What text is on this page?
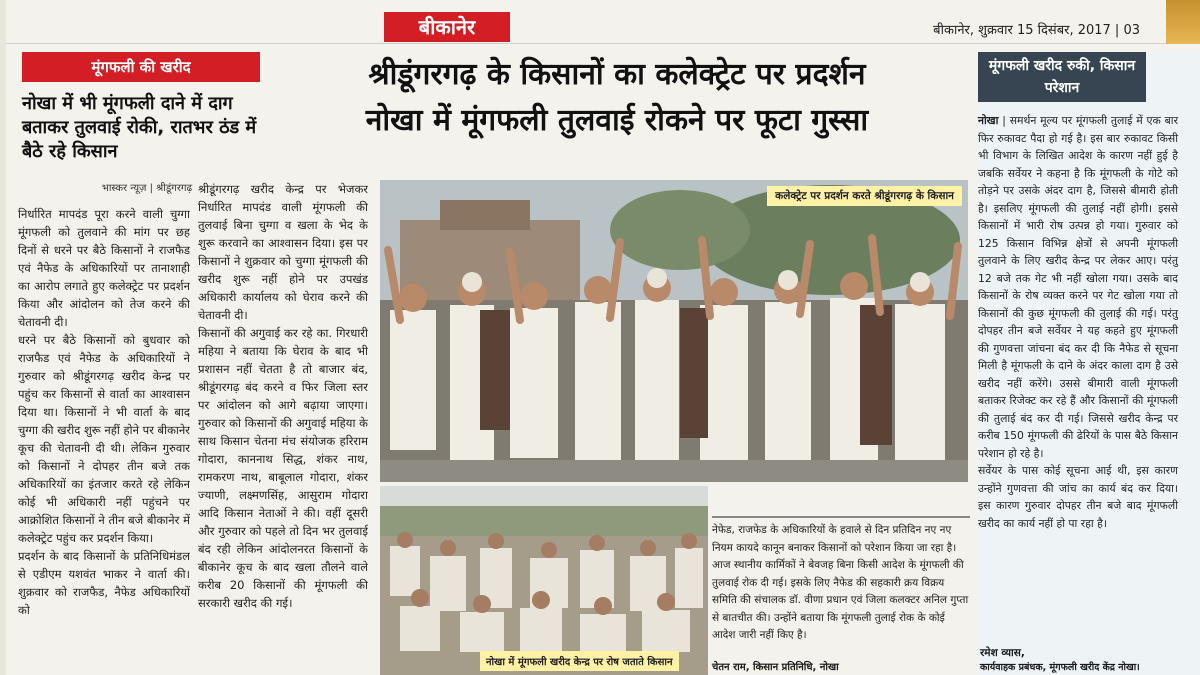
बीकानेर	बीकानेर, शुक्रवार 15 दिसंबर, 2017 | 03
मूंगफली की खरीद
नोखा में भी मूंगफली दाने में दाग बताकर तुलवाई रोकी, रातभर ठंड में बैठे रहे किसान
भास्कर न्यूज़ | श्रीडूंगरगढ़
निर्धारित मापदंड पूरा करने वाली चुग्गा मूंगफली को तुलवाने की मांग पर छह दिनों से धरने पर बैठे किसानों ने राजफैड एवं नैफेड के अधिकारियों पर तानाशाही का आरोप लगाते हुए कलेक्ट्रेट पर प्रदर्शन किया और आंदोलन को तेज करने की चेतावनी दी।
धरने पर बैठे किसानों को बुधवार को राजफैड एवं नैफेड के अधिकारियों ने गुरुवार को श्रीडूंगरगढ़ खरीद केन्द्र पर पहुंच कर किसानों से वार्ता का आश्वासन दिया था। किसानों ने भी वार्ता के बाद चुग्गा की खरीद शुरू नहीं होने पर बीकानेर कूच की चेतावनी दी थी। लेकिन गुरुवार को किसानों ने दोपहर तीन बजे तक अधिकारियों का इंतजार करते रहे लेकिन कोई भी अधिकारी नहीं पहुंचने पर आक्रोशित किसानों ने तीन बजे बीकानेर में कलेक्ट्रेट पहुंच कर प्रदर्शन किया।
प्रदर्शन के बाद किसानों के प्रतिनिधिमंडल से एडीएम यशवंत भाकर ने वार्ता की। शुक्रवार को राजफैड, नैफेड अधिकारियों को
श्रीडूंगरगढ़ खरीद केन्द्र पर भेजकर निर्धारित मापदंड वाली मूंगफली की तुलवाई बिना चुग्गा व खला के भेद के शुरू करवाने का आश्वासन दिया। इस पर किसानों ने शुक्रवार को चुग्गा मूंगफली की खरीद शुरू नहीं होने पर उपखंड अधिकारी कार्यालय को घेराव करने की चेतावनी दी।
किसानों की अगुवाई कर रहे का. गिरधारी महिया ने बताया कि घेराव के बाद भी प्रशासन नहीं चेतता है तो बाजार बंद, श्रीडूंगरगढ़ बंद करने व फिर जिला स्तर पर आंदोलन को आगे बढ़ाया जाएगा। गुरुवार को किसानों की अगुवाई महिया के साथ किसान चेतना मंच संयोजक हरिराम गोदारा, काननाथ सिद्ध, शंकर नाथ, रामकरण नाथ, बाबूलाल गोदारा, शंकर ज्याणी, लक्ष्मणसिंह, आसुराम गोदारा आदि किसान नेताओं ने की। वहीं दूसरी और गुरुवार को पहले तो दिन भर तुलवाई बंद रही लेकिन आंदोलनरत किसानों के बीकानेर कूच के बाद खला तौलने वाले करीब 20 किसानों की मूंगफली की सरकारी खरीद की गई।
श्रीडूंगरगढ़ के किसानों का कलेक्ट्रेट पर प्रदर्शन
नोखा में मूंगफली तुलवाई रोकने पर फूटा गुस्सा
कलेक्ट्रेट पर प्रदर्शन करते श्रीडूंगरगढ़ के किसान
नोखा में मूंगफली खरीद केन्द्र पर रोष जताते किसान
नेफेड, राजफेड के अधिकारियों के हवाले से दिन प्रतिदिन नए नए नियम कायदे कानून बनाकर किसानों को परेशान किया जा रहा है। आज स्थानीय कार्मिकों ने बेवजह बिना किसी आदेश के मूंगफली की तुलवाई रोक दी गई। इसके लिए नैफेड की सहकारी क्रय विक्रय समिति की संचालक डॉ. वीणा प्रधान एवं जिला कलक्टर अनिल गुप्ता से बातचीत की। उन्होंने बताया कि मूंगफली तुलाई रोक के कोई आदेश जारी नहीं किए है।
चेतन राम, किसान प्रतिनिधि, नोखा
मूंगफली खरीद रुकी, किसान परेशान
नोखा | समर्थन मूल्य पर मूंगफली तुलाई में एक बार फिर रुकावट पैदा हो गई है। इस बार रुकावट किसी भी विभाग के लिखित आदेश के कारण नहीं हुई है जबकि सर्वेयर ने कहना है कि मूंगफली के गोटे को तोड़ने पर उसके अंदर दाग है, जिससे बीमारी होती है। इसलिए मूंगफली की तुलाई नहीं होगी। इससे किसानों में भारी रोष उत्पन्न हो गया। गुरुवार को 125 किसान विभिन्न क्षेत्रों से अपनी मूंगफली तुलवाने के लिए खरीद केन्द्र पर लेकर आए। परंतु 12 बजे तक गेट भी नहीं खोला गया। उसके बाद किसानों के रोष व्यक्त करने पर गेट खोला गया तो किसानों की कुछ मूंगफली की तुलाई की गई। परंतु दोपहर तीन बजे सर्वेयर ने यह कहते हुए मूंगफली की गुणवत्ता जांचना बंद कर दी कि नैफेड से सूचना मिली है मूंगफली के दाने के अंदर काला दाग है उसे खरीद नहीं करेंगे। उससे बीमारी वाली मूंगफली बताकर रिजेक्ट कर रहे हैं और किसानों की मूंगफली की तुलाई बंद कर दी गई। जिससे खरीद केन्द्र पर करीब 150 मूंगफली की ढेरियों के पास बैठे किसान परेशान हो रहे है।
सर्वेयर के पास कोई सूचना आई थी, इस कारण उन्होंने गुणवत्ता की जांच का कार्य बंद कर दिया। इस कारण गुरुवार दोपहर तीन बजे बाद मूंगफली खरीद का कार्य नहीं हो पा रहा है।
रमेश व्यास,
कार्यवाहक प्रबंधक, मूंगफली खरीद केंद्र नोखा।
